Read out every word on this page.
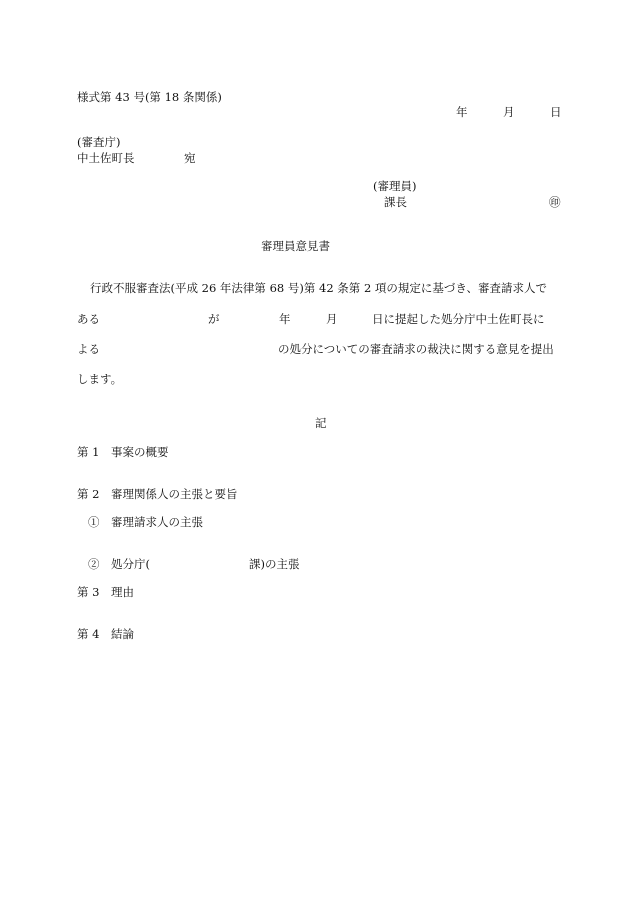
様式第 43 号(第 18 条関係)
年	月	日
(審査庁)
中土佐町長	宛
(審理員)
課長	㊞
審理員意見書
行政不服審査法(平成 26 年法律第 68 号)第 42 条第 2 項の規定に基づき、審査請求人で
ある	が	年	月	日に提起した処分庁中土佐町長に
よる	の処分についての審査請求の裁決に関する意見を提出
します。
記
第 1　事案の概要
第 2　審理関係人の主張と要旨
①　審理請求人の主張
②　処分庁(	課)の主張
第 3　理由
第 4　結論
